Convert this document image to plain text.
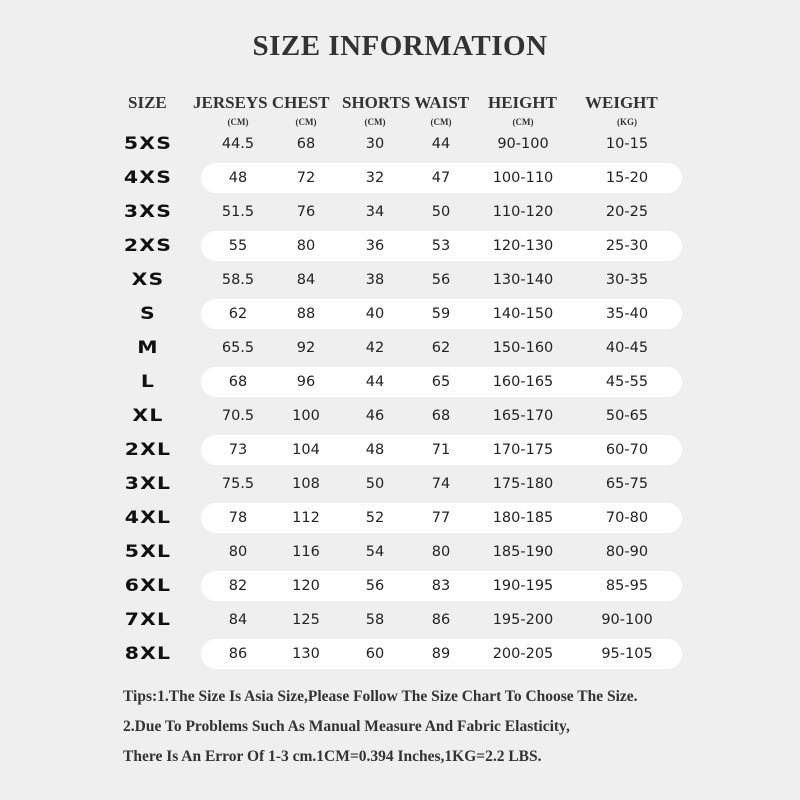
SIZE INFORMATION
SIZE JERSEYS CHEST SHORTS WAIST HEIGHT WEIGHT
(CM)	(CM)	(CM)	(CM)	(CM)	(KG)
5XS	44.5	68	30	44	90-100	10-15
4XS	48	72	32	47	100-110	15-20
3XS	51.5	76	34	50	110-120	20-25
2XS	55	80	36	53	120-130	25-30
XS	58.5	84	38	56	130-140	30-35
S	62	88	40	59	140-150	35-40
M	65.5	92	42	62	150-160	40-45
L	68	96	44	65	160-165	45-55
XL	70.5	100	46	68	165-170	50-65
2XL	73	104	48	71	170-175	60-70
3XL	75.5	108	50	74	175-180	65-75
4XL	78	112	52	77	180-185	70-80
5XL	80	116	54	80	185-190	80-90
6XL	82	120	56	83	190-195	85-95
7XL	84	125	58	86	195-200	90-100
8XL	86	130	60	89	200-205	95-105
Tips:1.The Size Is Asia Size,Please Follow The Size Chart To Choose The Size.
2.Due To Problems Such As Manual Measure And Fabric Elasticity,
There Is An Error Of 1-3 cm.1CM=0.394 Inches,1KG=2.2 LBS.
